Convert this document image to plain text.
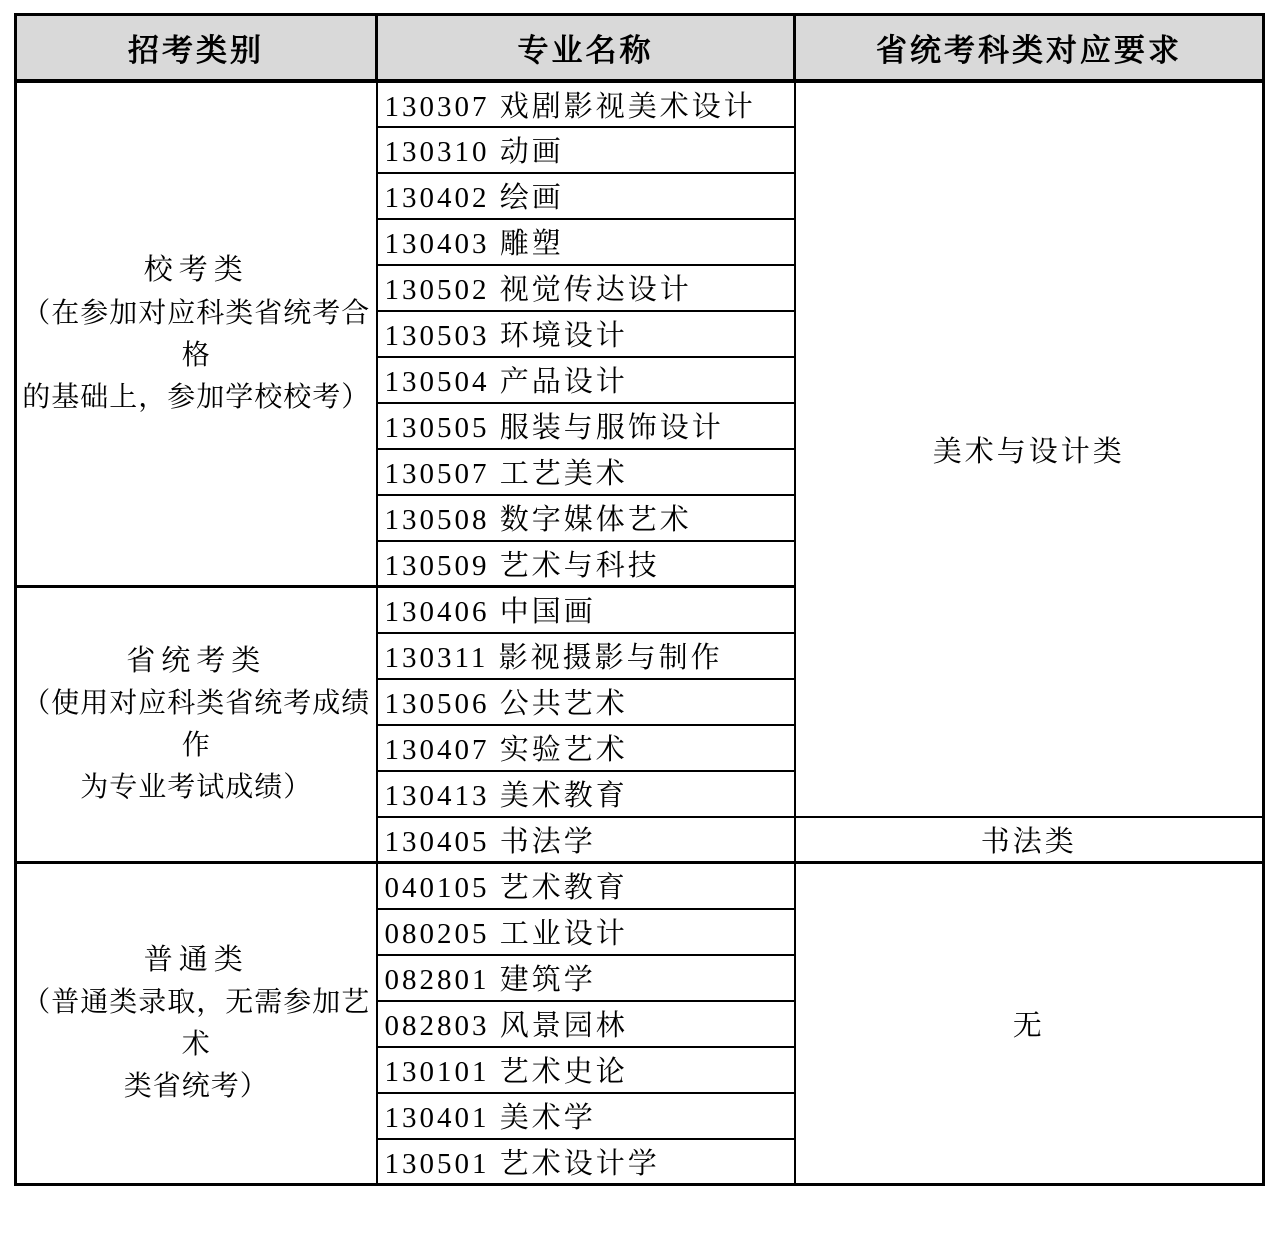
招考类别	专业名称	省统考科类对应要求

校考类
（在参加对应科类省统考合格
的基础上，参加学校校考）	130307 戏剧影视美术设计	美术与设计类
	130310 动画	
	130402 绘画	
	130403 雕塑	
	130502 视觉传达设计	
	130503 环境设计	
	130504 产品设计	
	130505 服装与服饰设计	
	130507 工艺美术	
	130508 数字媒体艺术	
	130509 艺术与科技	

省统考类
（使用对应科类省统考成绩作
为专业考试成绩）	130406 中国画	
	130311 影视摄影与制作	
	130506 公共艺术	
	130407 实验艺术	
	130413 美术教育	
	130405 书法学	书法类

普通类
（普通类录取，无需参加艺术
类省统考）	040105 艺术教育	无
	080205 工业设计	
	082801 建筑学	
	082803 风景园林	
	130101 艺术史论	
	130401 美术学	
	130501 艺术设计学	
